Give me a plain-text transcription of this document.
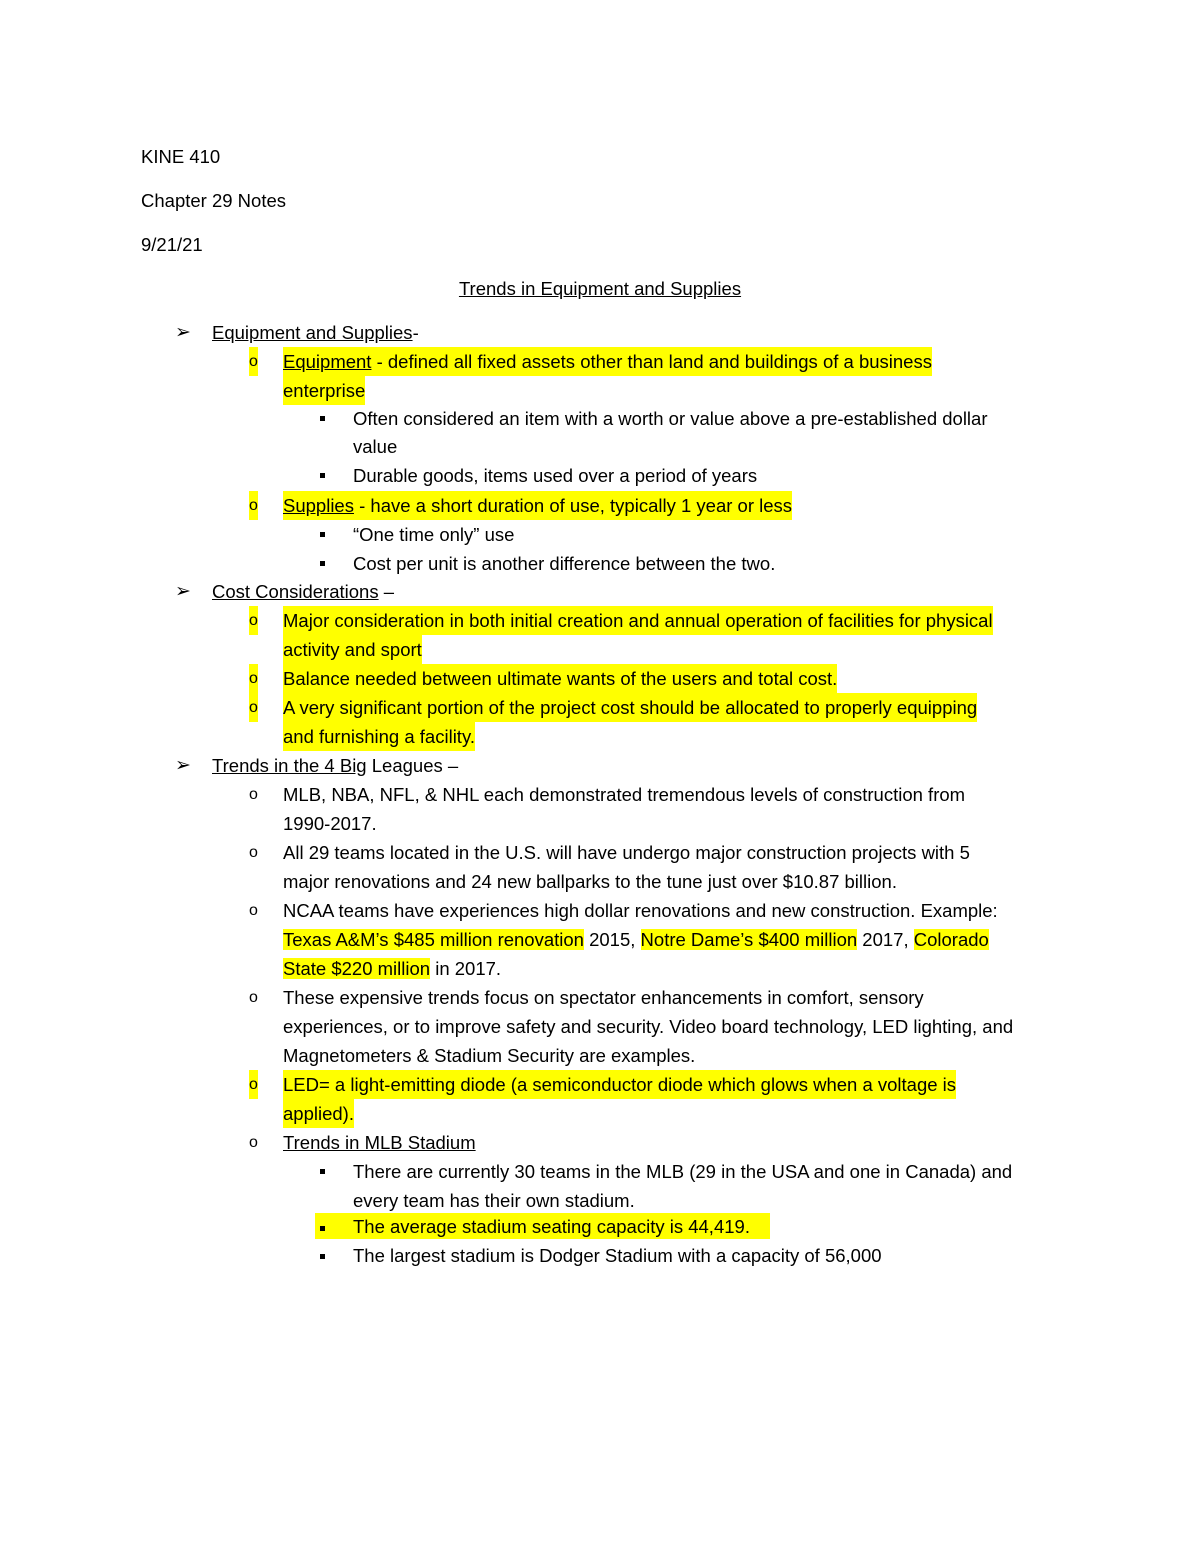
KINE 410
Chapter 29 Notes
9/21/21
Trends in Equipment and Supplies
➢ Equipment and Supplies-
o Equipment - defined all fixed assets other than land and buildings of a business
enterprise
Often considered an item with a worth or value above a pre-established dollar
value
Durable goods, items used over a period of years
o Supplies - have a short duration of use, typically 1 year or less
“One time only” use
Cost per unit is another difference between the two.
➢ Cost Considerations –
o Major consideration in both initial creation and annual operation of facilities for physical
activity and sport
o Balance needed between ultimate wants of the users and total cost.
o A very significant portion of the project cost should be allocated to properly equipping
and furnishing a facility.
➢ Trends in the 4 Big Leagues –
o MLB, NBA, NFL, & NHL each demonstrated tremendous levels of construction from
1990-2017.
o All 29 teams located in the U.S. will have undergo major construction projects with 5
major renovations and 24 new ballparks to the tune just over $10.87 billion.
o NCAA teams have experiences high dollar renovations and new construction. Example:
Texas A&M’s $485 million renovation 2015, Notre Dame’s $400 million 2017, Colorado
State $220 million in 2017.
o These expensive trends focus on spectator enhancements in comfort, sensory
experiences, or to improve safety and security. Video board technology, LED lighting, and
Magnetometers & Stadium Security are examples.
o LED= a light-emitting diode (a semiconductor diode which glows when a voltage is
applied).
o Trends in MLB Stadium
There are currently 30 teams in the MLB (29 in the USA and one in Canada) and
every team has their own stadium.
The average stadium seating capacity is 44,419.
The largest stadium is Dodger Stadium with a capacity of 56,000
